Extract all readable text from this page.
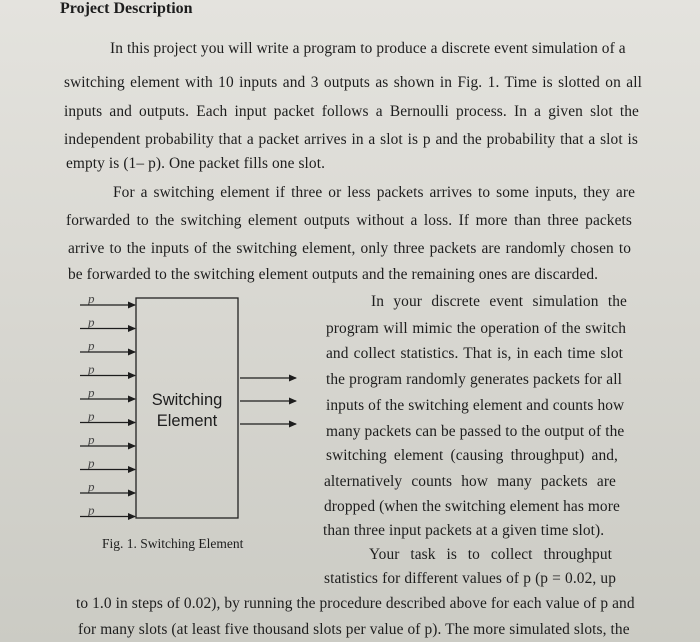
Project Description
In this project you will write a program to produce a discrete event simulation of a
switching element with 10 inputs and 3 outputs as shown in Fig. 1. Time is slotted on all
inputs and outputs. Each input packet follows a Bernoulli process. In a given slot the
independent probability that a packet arrives in a slot is p and the probability that a slot is
empty is (1– p). One packet fills one slot.
For a switching element if three or less packets arrives to some inputs, they are
forwarded to the switching element outputs without a loss. If more than three packets
arrive to the inputs of the switching element, only three packets are randomly chosen to
be forwarded to the switching element outputs and the remaining ones are discarded.
In your discrete event simulation the
program will mimic the operation of the switch
and collect statistics. That is, in each time slot
the program randomly generates packets for all
inputs of the switching element and counts how
many packets can be passed to the output of the
switching element (causing throughput) and,
alternatively counts how many packets are
dropped (when the switching element has more
than three input packets at a given time slot).
Your task is to collect throughput
statistics for different values of p (p = 0.02, up
to 1.0 in steps of 0.02), by running the procedure described above for each value of p and
for many slots (at least five thousand slots per value of p). The more simulated slots, the
Switching
Element
p
p
p
p
p
p
p
p
p
p
Fig. 1. Switching Element
